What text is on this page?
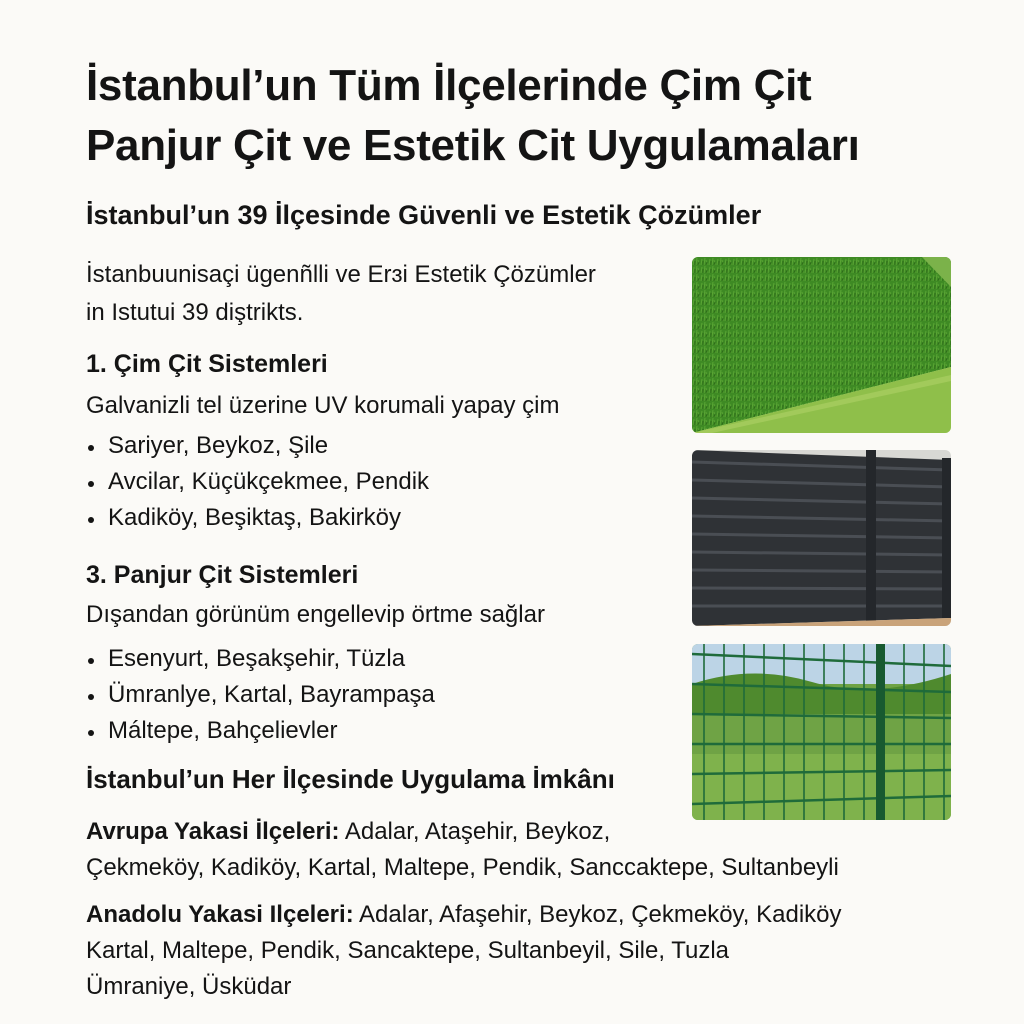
İstanbul’un Tüm İlçelerinde Çim Çit
Panjur Çit ve Estetik Cit Uygulamaları
İstanbul’un 39 İlçesinde Güvenli ve Estetik Çözümler

İstanbuunisaçi ügenñlli ve Erɜi Estetik Çözümler
in Istutui 39 diştrikts.

1. Çim Çit Sistemleri

Galvanizli tel üzerine UV korumali yapay çim

Sariyer, Beykoz, Şile
Avcilar, Küçükçekmee, Pendik
Kadiköy, Beşiktaş, Bakirköy
3. Panjur Çit Sistemleri

Dışandan görünüm engellevip örtme sağlar

Esenyurt, Beşakşehir, Tüzla
Ümranlye, Kartal, Bayrampaşa
Máltepe, Bahçelievler
İstanbul’un Her İlçesinde Uygulama İmkânı

Avrupa Yakasi İlçeleri: Adalar, Ataşehir, Beykoz,
Çekmeköy, Kadiköy, Kartal, Maltepe, Pendik, Sanccaktepe, Sultanbeyli

Anadolu Yakasi Ilçeleri: Adalar, Afaşehir, Beykoz, Çekmeköy, Kadiköy
Kartal, Maltepe, Pendik, Sancaktepe, Sultanbeyil, Sile, Tuzla
Ümraniye, Üsküdar
